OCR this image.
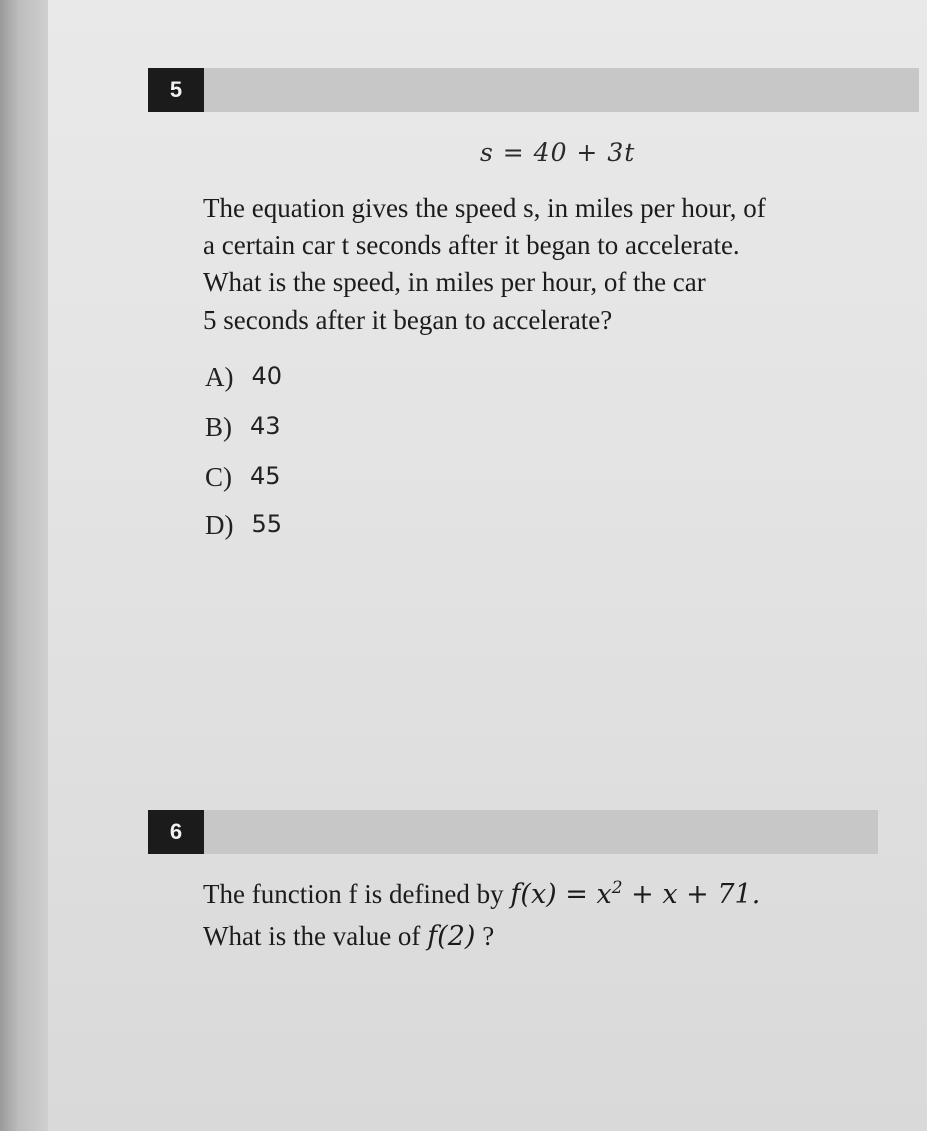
5
s = 40 + 3t
The equation gives the speed s, in miles per hour, of
a certain car t seconds after it began to accelerate.
What is the speed, in miles per hour, of the car
5 seconds after it began to accelerate?
A) 40
B) 43
C) 45
D) 55
6
The function f is defined by $f(x) = x^2 + x + 71$.
What is the value of f(2) ?
